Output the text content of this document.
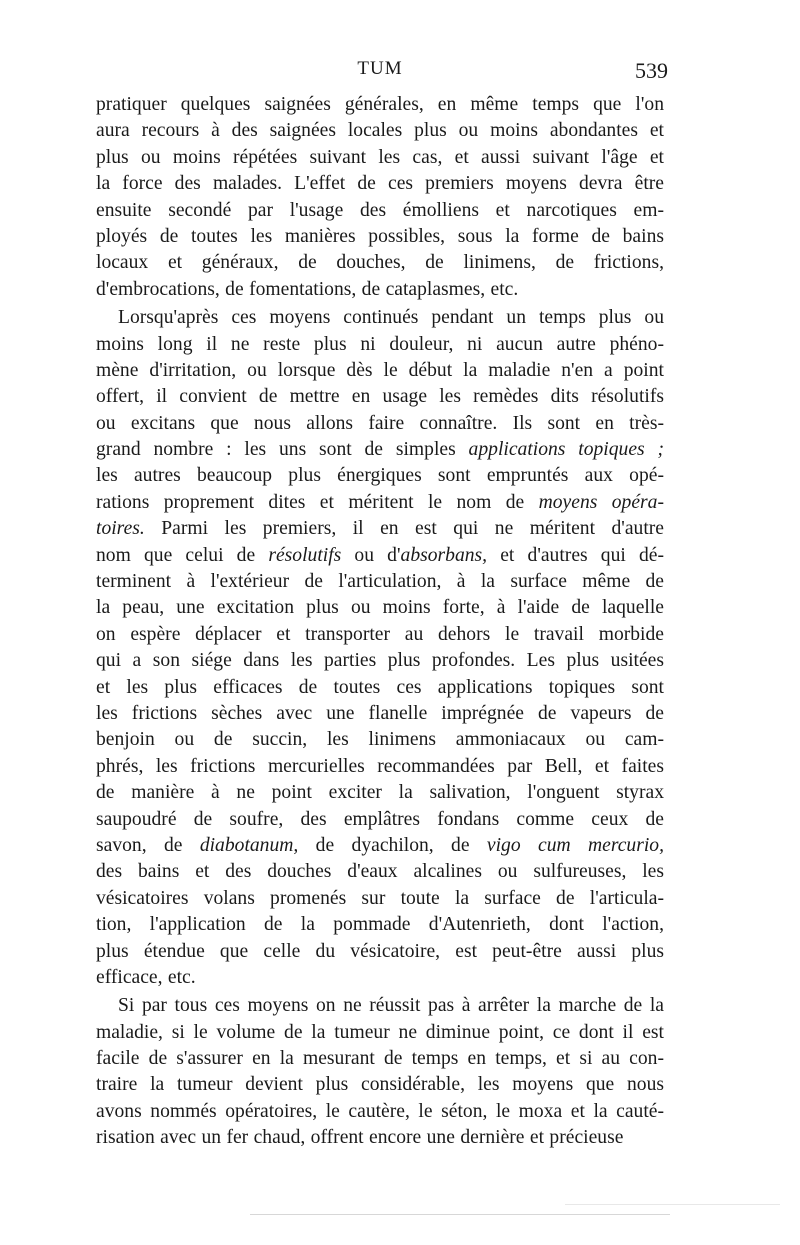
TUM	539
pratiquer quelques saignées générales, en même temps que l'on
aura recours à des saignées locales plus ou moins abondantes et
plus ou moins répétées suivant les cas, et aussi suivant l'âge et
la force des malades. L'effet de ces premiers moyens devra être
ensuite secondé par l'usage des émolliens et narcotiques em-
ployés de toutes les manières possibles, sous la forme de bains
locaux et généraux, de douches, de linimens, de frictions,
d'embrocations, de fomentations, de cataplasmes, etc.
Lorsqu'après ces moyens continués pendant un temps plus ou
moins long il ne reste plus ni douleur, ni aucun autre phéno-
mène d'irritation, ou lorsque dès le début la maladie n'en a point
offert, il convient de mettre en usage les remèdes dits résolutifs
ou excitans que nous allons faire connaître. Ils sont en très-
grand nombre : les uns sont de simples applications topiques ;
les autres beaucoup plus énergiques sont empruntés aux opé-
rations proprement dites et méritent le nom de moyens opéra-
toires. Parmi les premiers, il en est qui ne méritent d'autre
nom que celui de résolutifs ou d'absorbans, et d'autres qui dé-
terminent à l'extérieur de l'articulation, à la surface même de
la peau, une excitation plus ou moins forte, à l'aide de laquelle
on espère déplacer et transporter au dehors le travail morbide
qui a son siége dans les parties plus profondes. Les plus usitées
et les plus efficaces de toutes ces applications topiques sont
les frictions sèches avec une flanelle imprégnée de vapeurs de
benjoin ou de succin, les linimens ammoniacaux ou cam-
phrés, les frictions mercurielles recommandées par Bell, et faites
de manière à ne point exciter la salivation, l'onguent styrax
saupoudré de soufre, des emplâtres fondans comme ceux de
savon, de diabotanum, de dyachilon, de vigo cum mercurio,
des bains et des douches d'eaux alcalines ou sulfureuses, les
vésicatoires volans promenés sur toute la surface de l'articula-
tion, l'application de la pommade d'Autenrieth, dont l'action,
plus étendue que celle du vésicatoire, est peut-être aussi plus
efficace, etc.
Si par tous ces moyens on ne réussit pas à arrêter la marche de la
maladie, si le volume de la tumeur ne diminue point, ce dont il est
facile de s'assurer en la mesurant de temps en temps, et si au con-
traire la tumeur devient plus considérable, les moyens que nous
avons nommés opératoires, le cautère, le séton, le moxa et la cauté-
risation avec un fer chaud, offrent encore une dernière et précieuse
